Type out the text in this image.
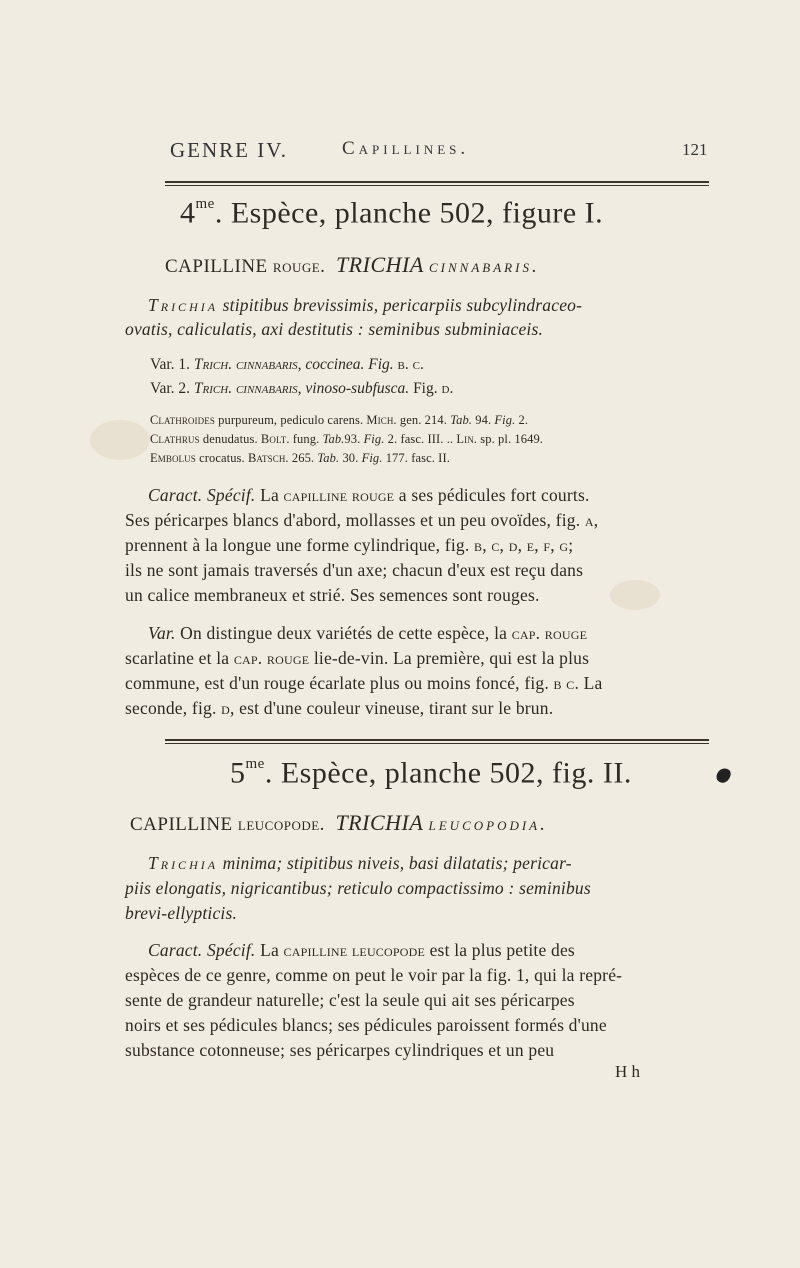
GENRE IV.	Capillines.	121
$4^{me}$. Espèce, planche 502, figure I.
CAPILLINE rouge. TRICHIA cinnabaris.
Trichia stipitibus brevissimis, pericarpiis subcylindraceo-
ovatis, caliculatis, axi destitutis : seminibus subminiaceis.
Var. 1. Trich. cinnabaris, coccinea. Fig. b. c.
Var. 2. Trich. cinnabaris, vinoso-subfusca. Fig. d.
Clathroides purpureum, pediculo carens. Mich. gen. 214. Tab. 94. Fig. 2.
Clathrus denudatus. Bolt. fung. Tab.93. Fig. 2. fasc. III. .. Lin. sp. pl. 1649.
Embolus crocatus. Batsch. 265. Tab. 30. Fig. 177. fasc. II.
Caract. Spécif. La capilline rouge a ses pédicules fort courts.
Ses péricarpes blancs d'abord, mollasses et un peu ovoïdes, fig. a,
prennent à la longue une forme cylindrique, fig. b, c, d, e, f, g;
ils ne sont jamais traversés d'un axe; chacun d'eux est reçu dans
un calice membraneux et strié. Ses semences sont rouges.
Var. On distingue deux variétés de cette espèce, la cap. rouge
scarlatine et la cap. rouge lie-de-vin. La première, qui est la plus
commune, est d'un rouge écarlate plus ou moins foncé, fig. b c. La
seconde, fig. d, est d'une couleur vineuse, tirant sur le brun.
$5^{me}$. Espèce, planche 502, fig. II.
CAPILLINE leucopode. TRICHIA leucopodia.
Trichia minima; stipitibus niveis, basi dilatatis; pericar-
piis elongatis, nigricantibus; reticulo compactissimo : seminibus
brevi-ellypticis.
Caract. Spécif. La capilline leucopode est la plus petite des
espèces de ce genre, comme on peut le voir par la fig. 1, qui la repré-
sente de grandeur naturelle; c'est la seule qui ait ses péricarpes
noirs et ses pédicules blancs; ses pédicules paroissent formés d'une
substance cotonneuse; ses péricarpes cylindriques et un peu
H h
